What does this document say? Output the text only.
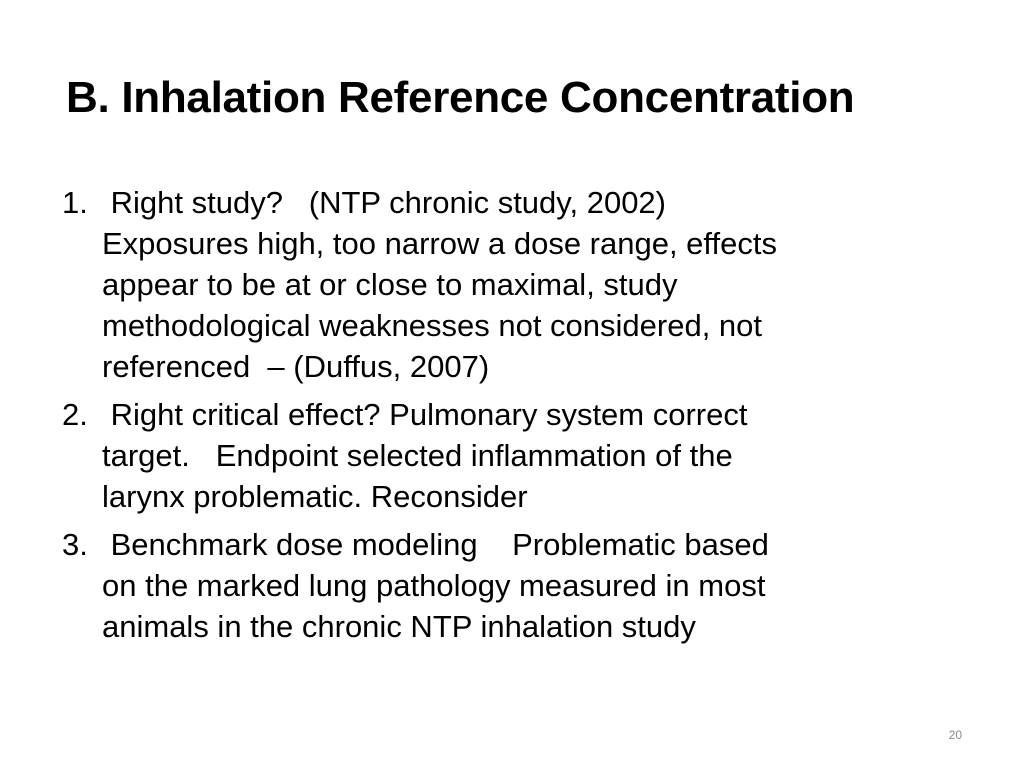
B. Inhalation Reference Concentration
1. Right study?   (NTP chronic study, 2002)
Exposures high, too narrow a dose range, effects
appear to be at or close to maximal, study
methodological weaknesses not considered, not
referenced  – (Duffus, 2007)
2. Right critical effect? Pulmonary system correct
target.   Endpoint selected inflammation of the
larynx problematic. Reconsider
3. Benchmark dose modeling    Problematic based
on the marked lung pathology measured in most
animals in the chronic NTP inhalation study
20
